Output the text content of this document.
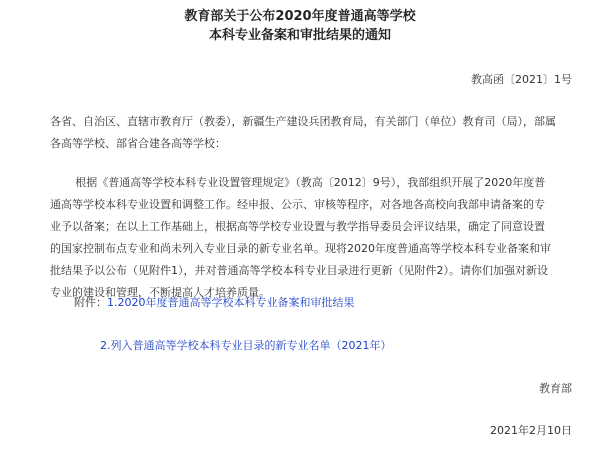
教育部关于公布2020年度普通高等学校
本科专业备案和审批结果的通知
教高函〔2021〕1号
各省、自治区、直辖市教育厅（教委），新疆生产建设兵团教育局，有关部门（单位）教育司（局），部属各高等学校、部省合建各高等学校：
根据《普通高等学校本科专业设置管理规定》（教高〔2012〕9号），我部组织开展了2020年度普通高等学校本科专业设置和调整工作。经申报、公示、审核等程序，对各地各高校向我部申请备案的专业予以备案；在以上工作基础上，根据高等学校专业设置与教学指导委员会评议结果，确定了同意设置的国家控制布点专业和尚未列入专业目录的新专业名单。现将2020年度普通高等学校本科专业备案和审批结果予以公布（见附件1），并对普通高等学校本科专业目录进行更新（见附件2）。请你们加强对新设专业的建设和管理，不断提高人才培养质量。
附件：1.2020年度普通高等学校本科专业备案和审批结果
2.列入普通高等学校本科专业目录的新专业名单（2021年）
教育部
2021年2月10日
